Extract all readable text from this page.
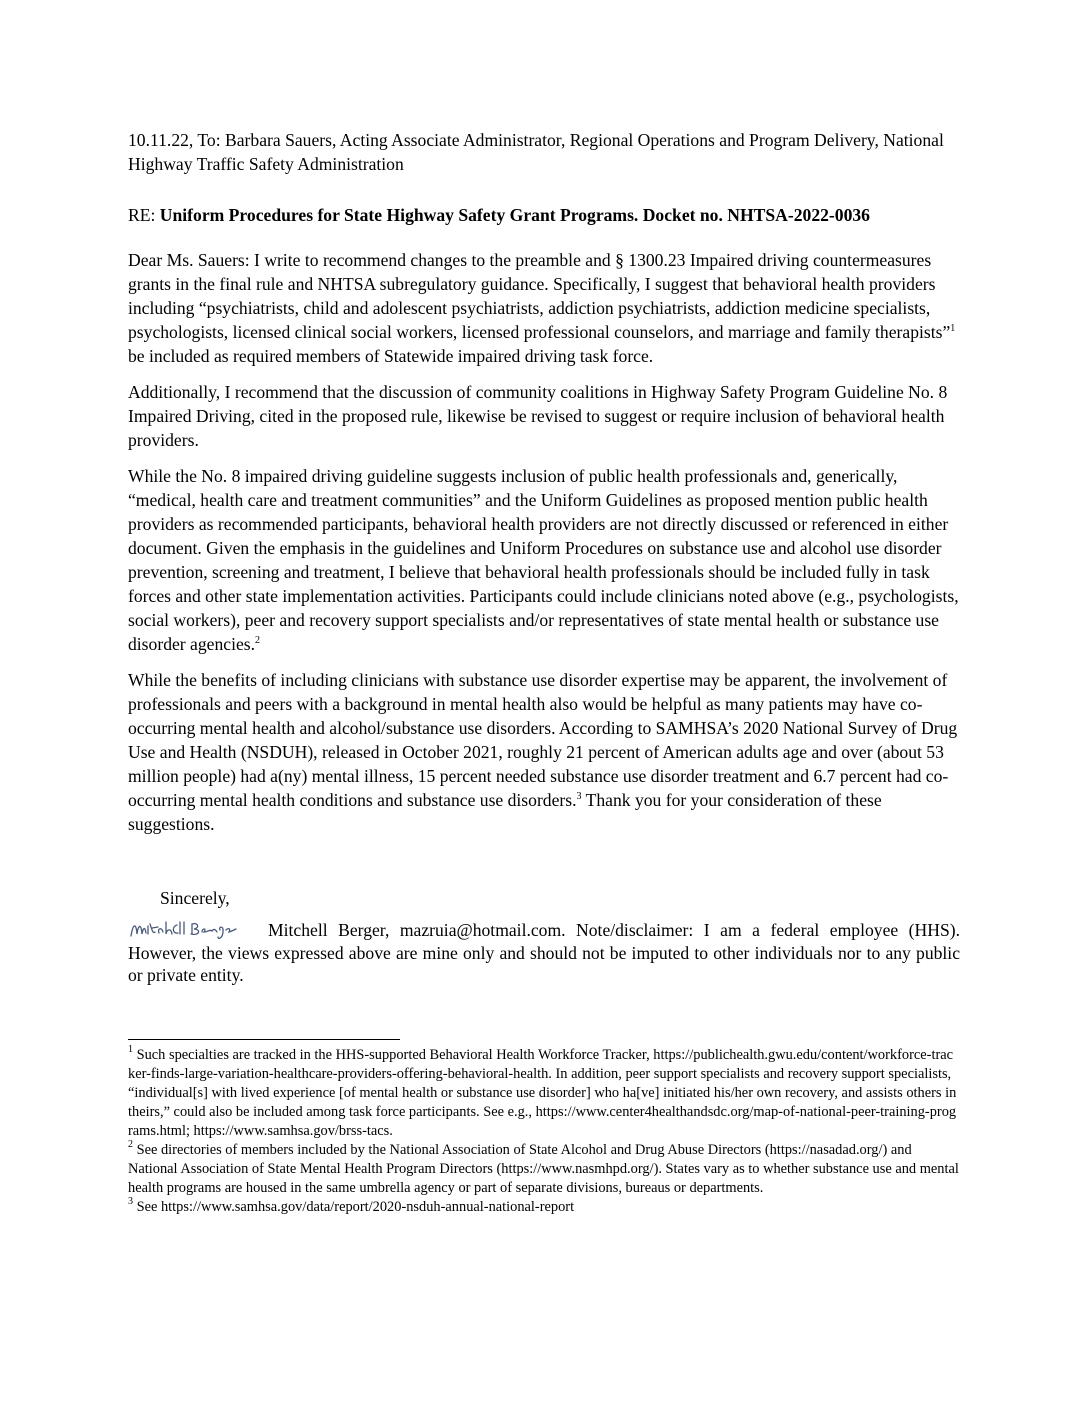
10.11.22, To: Barbara Sauers, Acting Associate Administrator, Regional Operations and Program Delivery, National Highway Traffic Safety Administration

RE: Uniform Procedures for State Highway Safety Grant Programs. Docket no. NHTSA-2022-0036

Dear Ms. Sauers: I write to recommend changes to the preamble and § 1300.23 Impaired driving countermeasures grants in the final rule and NHTSA subregulatory guidance. Specifically, I suggest that behavioral health providers including “psychiatrists, child and adolescent psychiatrists, addiction psychiatrists, addiction medicine specialists, psychologists, licensed clinical social workers, licensed professional counselors, and marriage and family therapists”$^1$ be included as required members of Statewide impaired driving task force.

Additionally, I recommend that the discussion of community coalitions in Highway Safety Program Guideline No. 8 Impaired Driving, cited in the proposed rule, likewise be revised to suggest or require inclusion of behavioral health providers.

While the No. 8 impaired driving guideline suggests inclusion of public health professionals and, generically, “medical, health care and treatment communities” and the Uniform Guidelines as proposed mention public health providers as recommended participants, behavioral health providers are not directly discussed or referenced in either document. Given the emphasis in the guidelines and Uniform Procedures on substance use and alcohol use disorder prevention, screening and treatment, I believe that behavioral health professionals should be included fully in task forces and other state implementation activities. Participants could include clinicians noted above (e.g., psychologists, social workers), peer and recovery support specialists and/or representatives of state mental health or substance use disorder agencies.$^2$

While the benefits of including clinicians with substance use disorder expertise may be apparent, the involvement of professionals and peers with a background in mental health also would be helpful as many patients may have co-occurring mental health and alcohol/substance use disorders. According to SAMHSA’s 2020 National Survey of Drug Use and Health (NSDUH), released in October 2021, roughly 21 percent of American adults age and over (about 53 million people) had a(ny) mental illness, 15 percent needed substance use disorder treatment and 6.7 percent had co-occurring mental health conditions and substance use disorders.$^3$ Thank you for your consideration of these suggestions.

Sincerely,
Mitchell Berger, mazruia@hotmail.com. Note/disclaimer: I am a federal employee (HHS). However, the views expressed above are mine only and should not be imputed to other individuals nor to any public or private entity.

$^1$ Such specialties are tracked in the HHS-supported Behavioral Health Workforce Tracker, https://publichealth.gwu.edu/content/workforce-tracker-finds-large-variation-healthcare-providers-offering-behavioral-health. In addition, peer support specialists and recovery support specialists, “individual[s] with lived experience [of mental health or substance use disorder] who ha[ve] initiated his/her own recovery, and assists others in theirs,” could also be included among task force participants. See e.g., https://www.center4healthandsdc.org/map-of-national-peer-training-programs.html; https://www.samhsa.gov/brss-tacs.

$^2$ See directories of members included by the National Association of State Alcohol and Drug Abuse Directors (https://nasadad.org/) and National Association of State Mental Health Program Directors (https://www.nasmhpd.org/). States vary as to whether substance use and mental health programs are housed in the same umbrella agency or part of separate divisions, bureaus or departments.

$^3$ See https://www.samhsa.gov/data/report/2020-nsduh-annual-national-report
